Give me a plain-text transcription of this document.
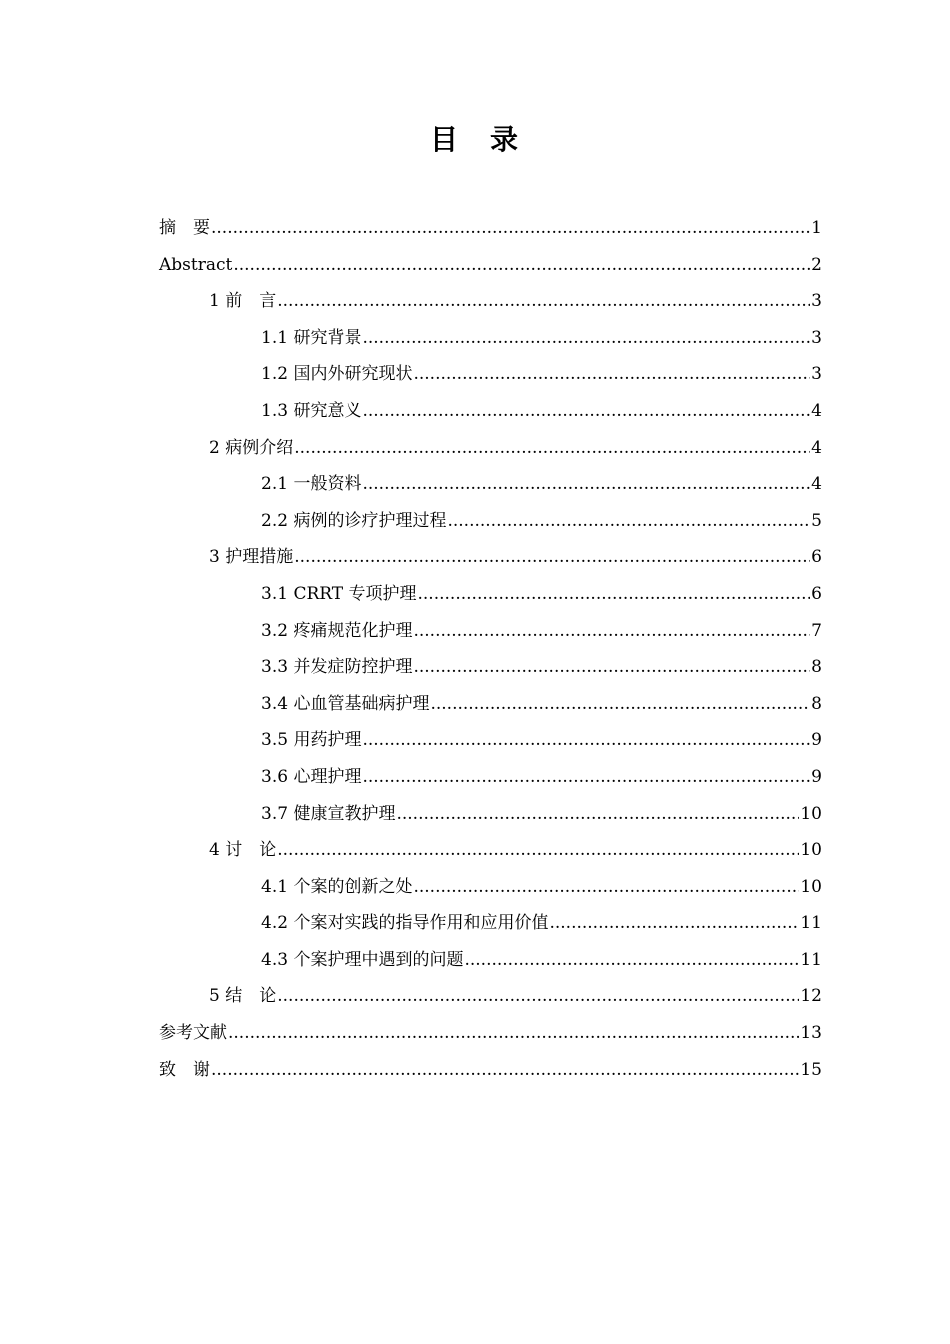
目　录
摘　要 .....	1
Abstract .....	2
1 前　言 .....	3
1.1 研究背景 .....	3
1.2 国内外研究现状 .....	3
1.3 研究意义 .....	4
2 病例介绍 .....	4
2.1 一般资料 .....	4
2.2 病例的诊疗护理过程 .....	5
3 护理措施 .....	6
3.1 CRRT 专项护理 .....	6
3.2 疼痛规范化护理 .....	7
3.3 并发症防控护理 .....	8
3.4 心血管基础病护理 .....	8
3.5 用药护理 .....	9
3.6 心理护理 .....	9
3.7 健康宣教护理 .....	10
4 讨　论 .....	10
4.1 个案的创新之处 .....	10
4.2 个案对实践的指导作用和应用价值 .....	11
4.3 个案护理中遇到的问题 .....	11
5 结　论 .....	12
参考文献 .....	13
致　谢 .....	15
